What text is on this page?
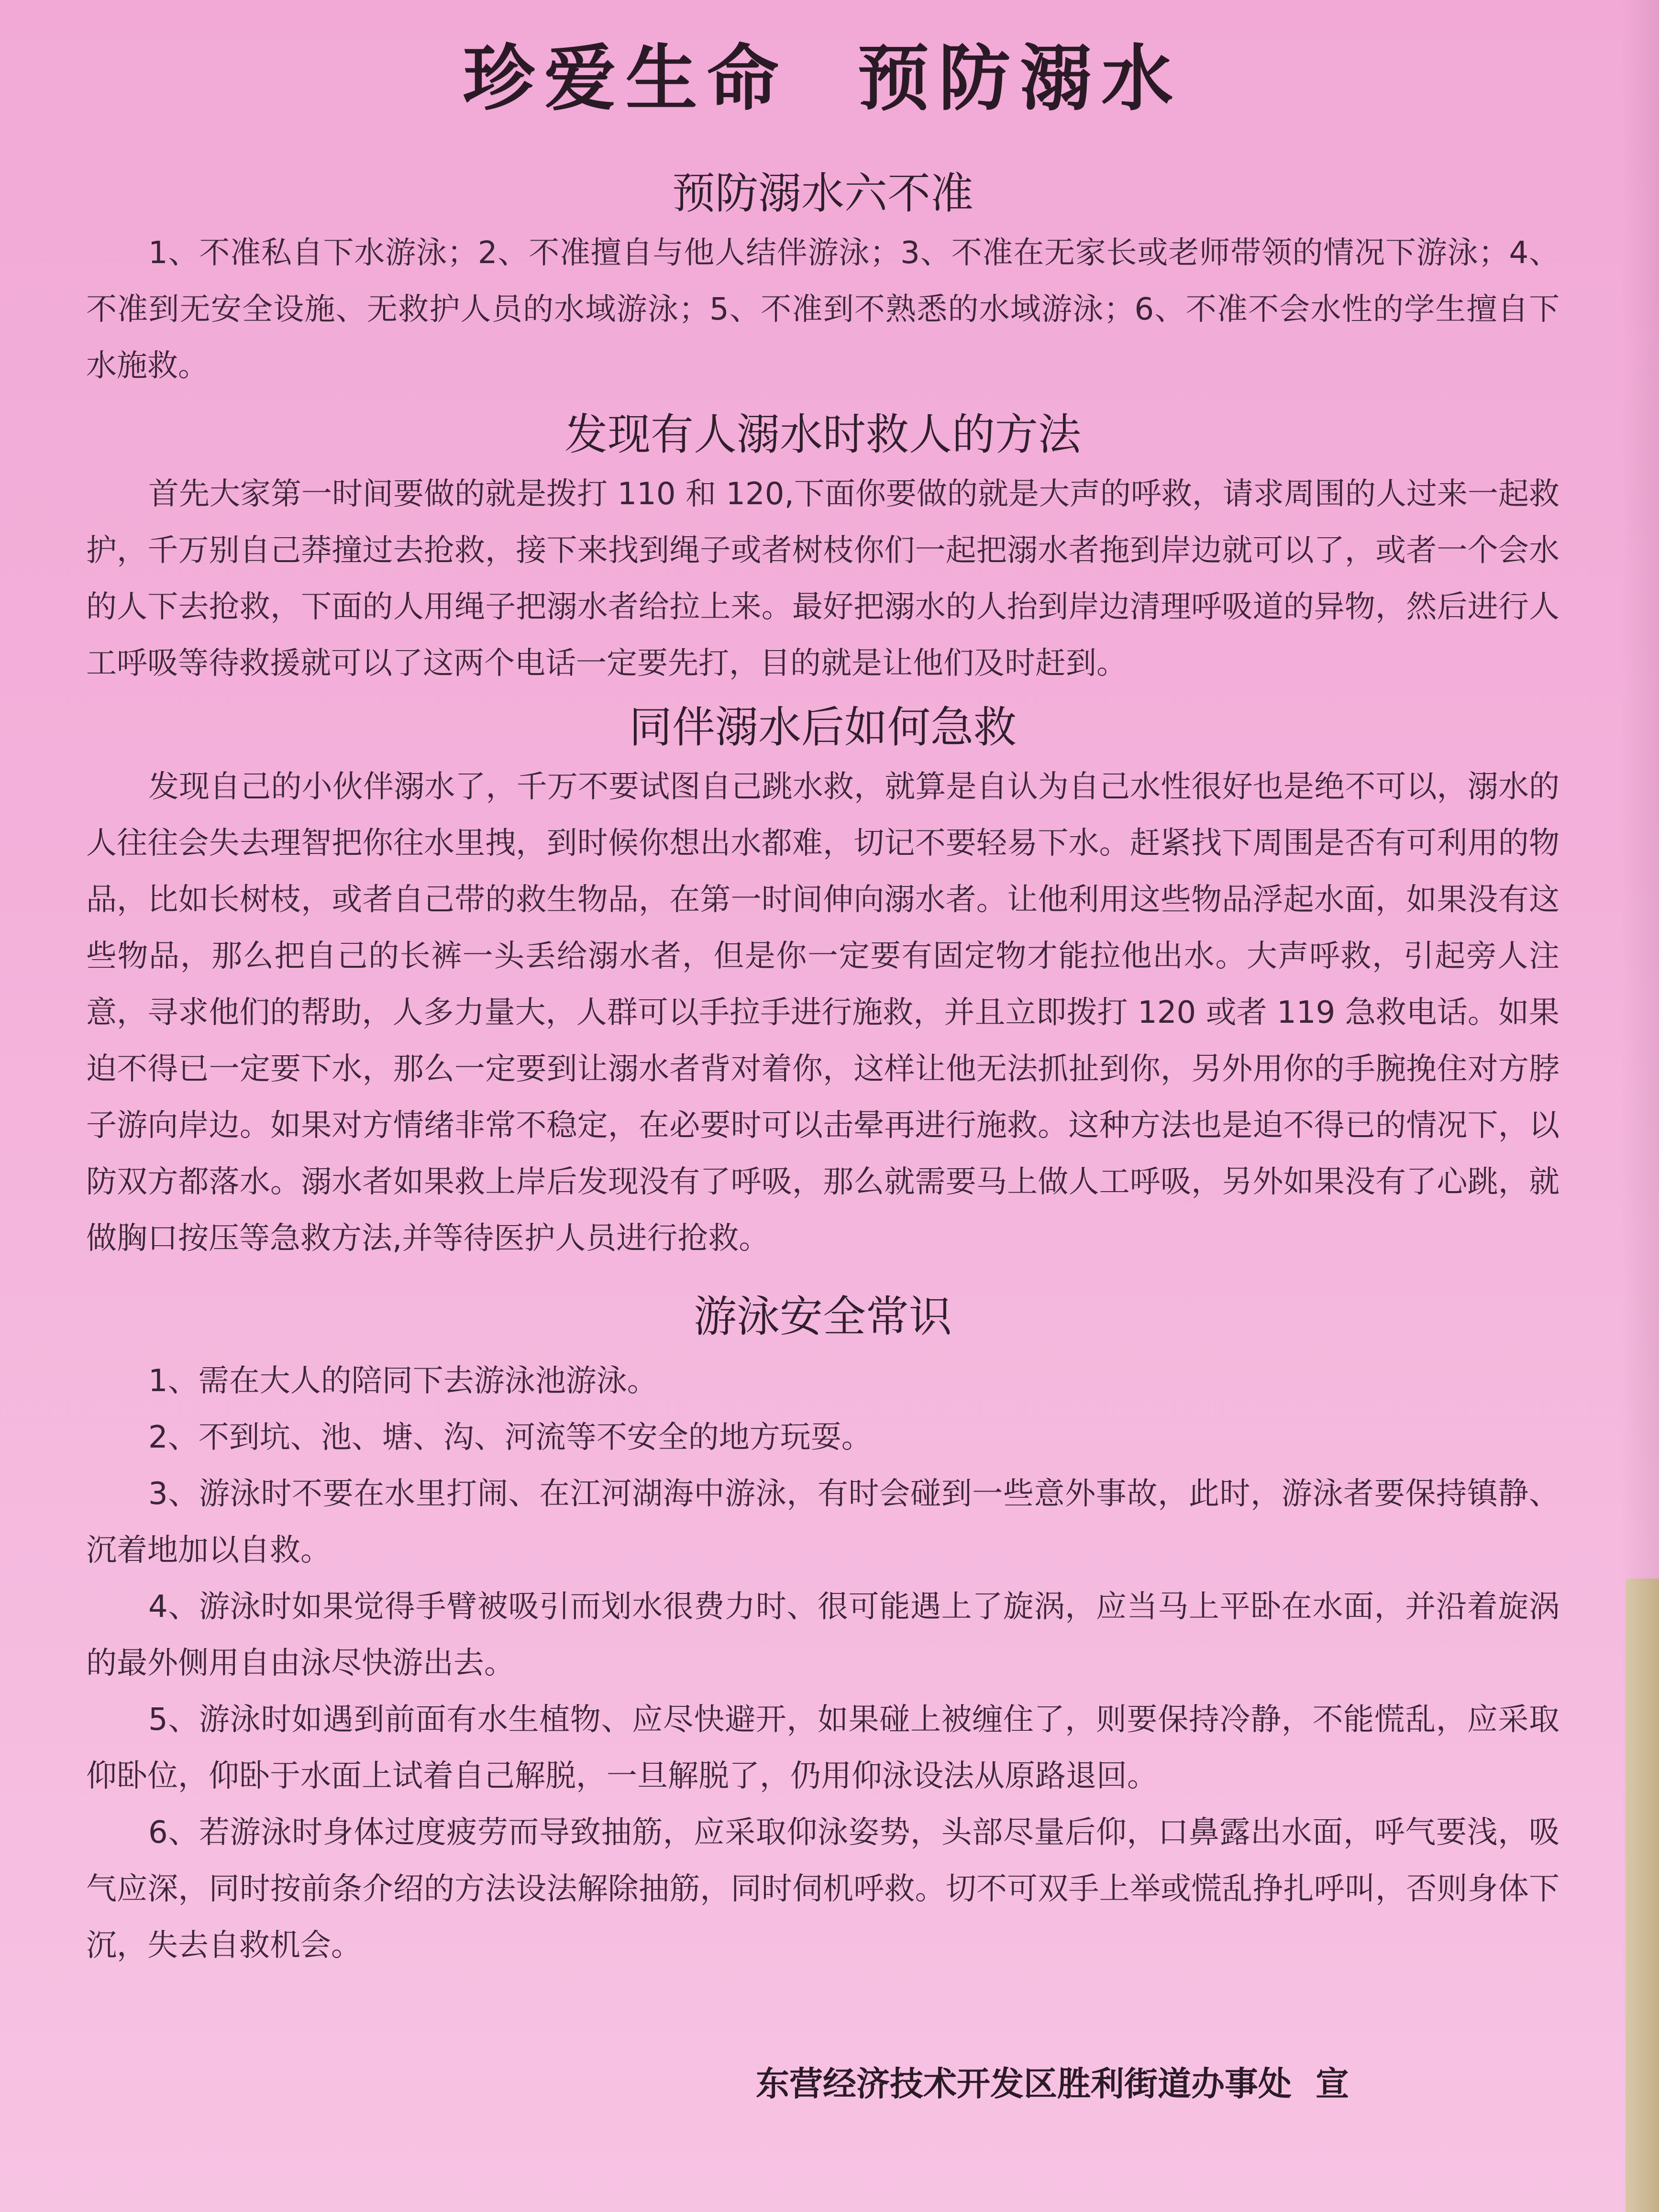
珍爱生命  预防溺水
预防溺水六不准

1、不准私自下水游泳；2、不准擅自与他人结伴游泳；3、不准在无家长或老师带领的情况下游泳；4、不准到无安全设施、无救护人员的水域游泳；5、不准到不熟悉的水域游泳；6、不准不会水性的学生擅自下水施救。

发现有人溺水时救人的方法

首先大家第一时间要做的就是拨打 110 和 120,下面你要做的就是大声的呼救，请求周围的人过来一起救护，千万别自己莽撞过去抢救，接下来找到绳子或者树枝你们一起把溺水者拖到岸边就可以了，或者一个会水的人下去抢救，下面的人用绳子把溺水者给拉上来。最好把溺水的人抬到岸边清理呼吸道的异物，然后进行人工呼吸等待救援就可以了这两个电话一定要先打，目的就是让他们及时赶到。

同伴溺水后如何急救

发现自己的小伙伴溺水了，千万不要试图自己跳水救，就算是自认为自己水性很好也是绝不可以，溺水的人往往会失去理智把你往水里拽，到时候你想出水都难，切记不要轻易下水。赶紧找下周围是否有可利用的物品，比如长树枝，或者自己带的救生物品，在第一时间伸向溺水者。让他利用这些物品浮起水面，如果没有这些物品，那么把自己的长裤一头丢给溺水者，但是你一定要有固定物才能拉他出水。大声呼救，引起旁人注意，寻求他们的帮助，人多力量大，人群可以手拉手进行施救，并且立即拨打 120 或者 119 急救电话。如果迫不得已一定要下水，那么一定要到让溺水者背对着你，这样让他无法抓扯到你，另外用你的手腕挽住对方脖子游向岸边。如果对方情绪非常不稳定，在必要时可以击晕再进行施救。这种方法也是迫不得已的情况下，以防双方都落水。溺水者如果救上岸后发现没有了呼吸，那么就需要马上做人工呼吸，另外如果没有了心跳，就做胸口按压等急救方法,并等待医护人员进行抢救。

游泳安全常识

1、需在大人的陪同下去游泳池游泳。

2、不到坑、池、塘、沟、河流等不安全的地方玩耍。

3、游泳时不要在水里打闹、在江河湖海中游泳，有时会碰到一些意外事故，此时，游泳者要保持镇静、沉着地加以自救。

4、游泳时如果觉得手臂被吸引而划水很费力时、很可能遇上了旋涡，应当马上平卧在水面，并沿着旋涡的最外侧用自由泳尽快游出去。

5、游泳时如遇到前面有水生植物、应尽快避开，如果碰上被缠住了，则要保持冷静，不能慌乱，应采取仰卧位，仰卧于水面上试着自己解脱，一旦解脱了，仍用仰泳设法从原路退回。

6、若游泳时身体过度疲劳而导致抽筋，应采取仰泳姿势，头部尽量后仰，口鼻露出水面，呼气要浅，吸气应深，同时按前条介绍的方法设法解除抽筋，同时伺机呼救。切不可双手上举或慌乱挣扎呼叫，否则身体下沉，失去自救机会。

东营经济技术开发区胜利街道办事处 宣
